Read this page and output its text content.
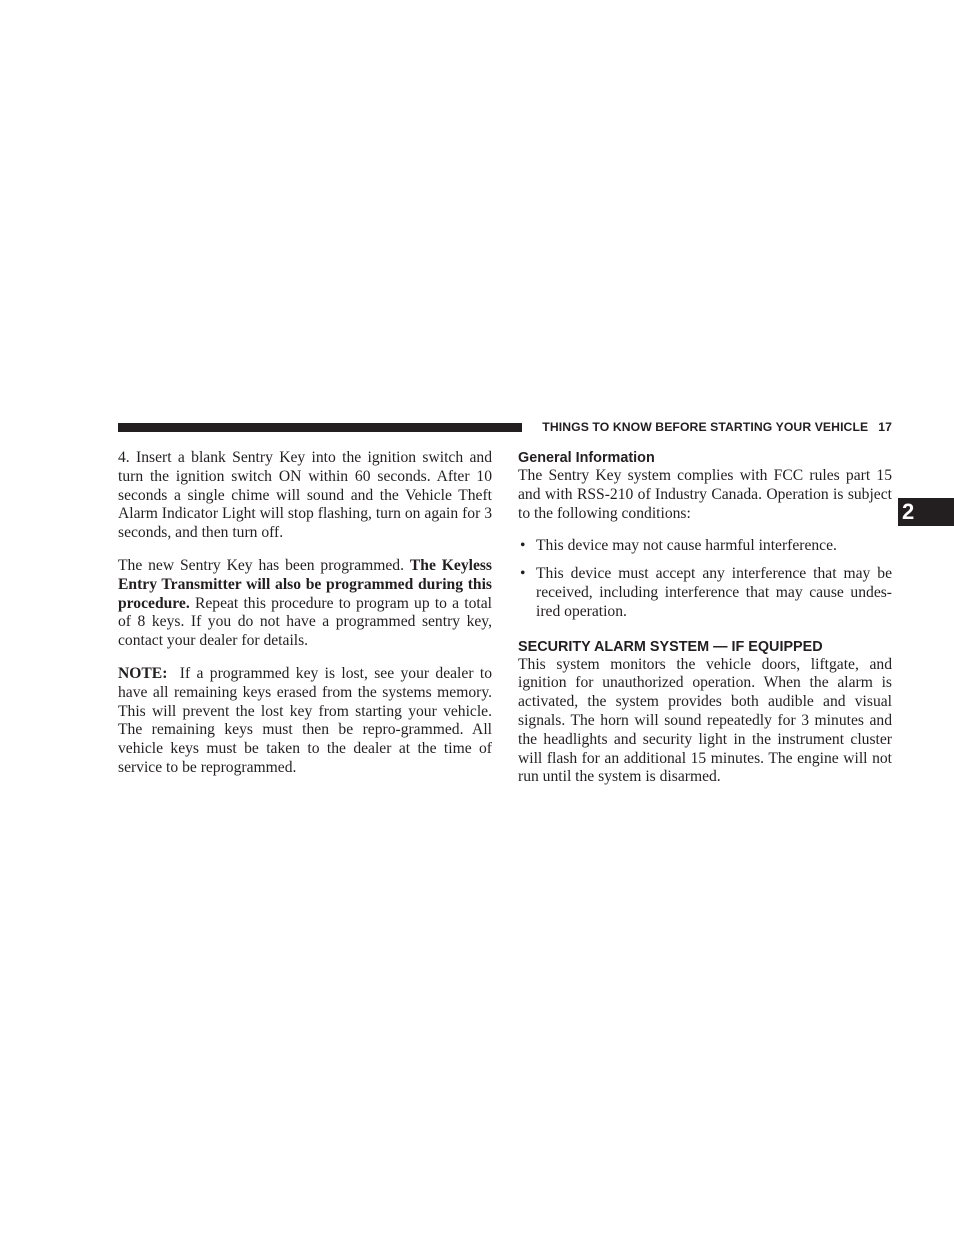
THINGS TO KNOW BEFORE STARTING YOUR VEHICLE 17
2

4. Insert a blank Sentry Key into the ignition switch and turn the ignition switch ON within 60 seconds. After 10 seconds a single chime will sound and the Vehicle Theft Alarm Indicator Light will stop flashing, turn on again for 3 seconds, and then turn off.

The new Sentry Key has been programmed. The Keyless Entry Transmitter will also be programmed during this procedure. Repeat this procedure to program up to a total of 8 keys. If you do not have a programmed sentry key, contact your dealer for details.

NOTE: If a programmed key is lost, see your dealer to have all remaining keys erased from the systems memory. This will prevent the lost key from starting your vehicle. The remaining keys must then be repro-grammed. All vehicle keys must be taken to the dealer at the time of service to be reprogrammed.

General Information

The Sentry Key system complies with FCC rules part 15 and with RSS-210 of Industry Canada. Operation is subject to the following conditions:

• This device may not cause harmful interference.
• This device must accept any interference that may be received, including interference that may cause undes-ired operation.
SECURITY ALARM SYSTEM — IF EQUIPPED

This system monitors the vehicle doors, liftgate, and ignition for unauthorized operation. When the alarm is activated, the system provides both audible and visual signals. The horn will sound repeatedly for 3 minutes and the headlights and security light in the instrument cluster will flash for an additional 15 minutes. The engine will not run until the system is disarmed.
